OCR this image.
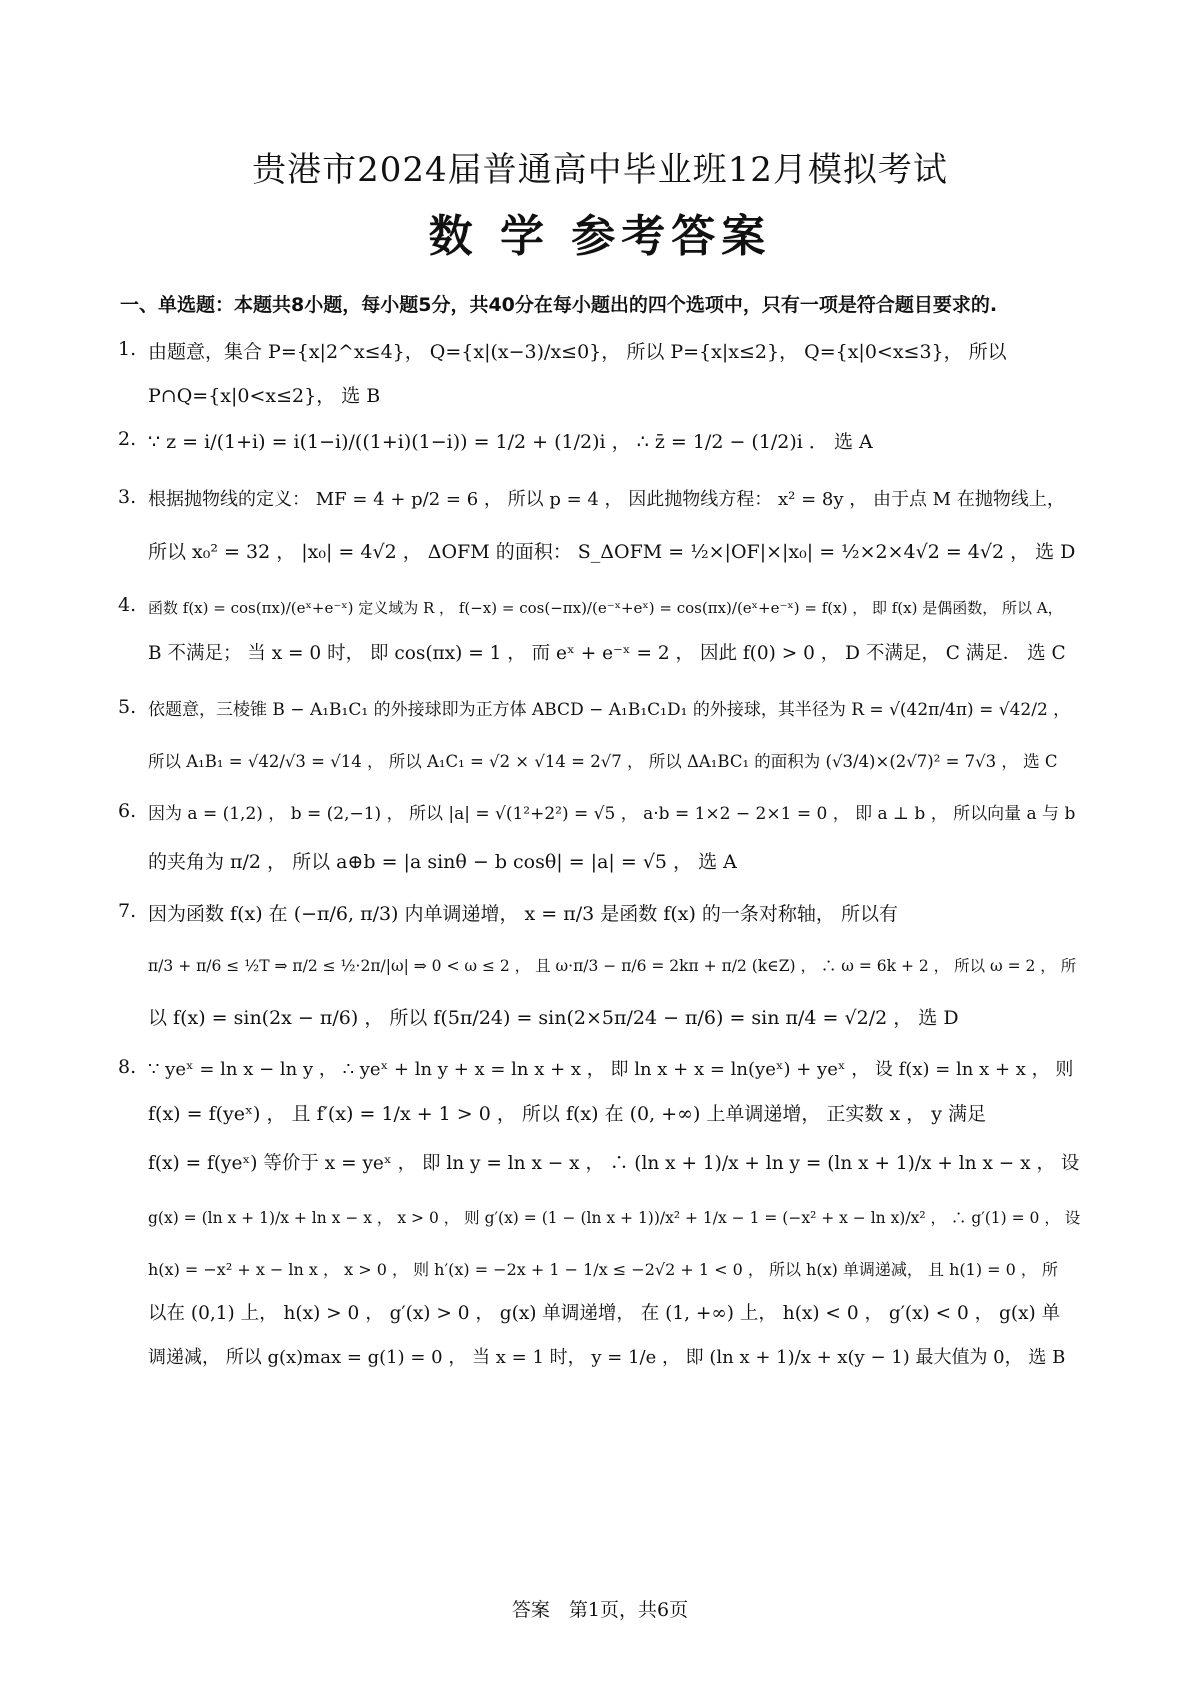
贵港市2024届普通高中毕业班12月模拟考试
数 学 参考答案
一、单选题：本题共8小题，每小题5分，共40分在每小题出的四个选项中，只有一项是符合题目要求的.
1. 由题意，集合 P={x|2^x≤4}， Q={x|(x−3)/x≤0}， 所以 P={x|x≤2}， Q={x|0<x≤3}， 所以
P∩Q={x|0<x≤2}， 选 B
2. ∵ z = i/(1+i) = i(1−i)/((1+i)(1−i)) = 1/2 + (1/2)i ， ∴ z̄ = 1/2 − (1/2)i ． 选 A
3. 根据抛物线的定义： MF = 4 + p/2 = 6 ， 所以 p = 4 ， 因此抛物线方程： x² = 8y ， 由于点 M 在抛物线上，
所以 x₀² = 32 ， |x₀| = 4√2 ， ΔOFM 的面积： S_ΔOFM = ½×|OF|×|x₀| = ½×2×4√2 = 4√2 ， 选 D
4. 函数 f(x) = cos(πx)/(eˣ+e⁻ˣ) 定义域为 R ， f(−x) = cos(−πx)/(e⁻ˣ+eˣ) = cos(πx)/(eˣ+e⁻ˣ) = f(x) ， 即 f(x) 是偶函数， 所以 A，
B 不满足； 当 x = 0 时， 即 cos(πx) = 1 ， 而 eˣ + e⁻ˣ = 2 ， 因此 f(0) > 0 ， D 不满足， C 满足． 选 C
5. 依题意，三棱锥 B − A₁B₁C₁ 的外接球即为正方体 ABCD − A₁B₁C₁D₁ 的外接球，其半径为 R = √(42π/4π) = √42/2 ，
所以 A₁B₁ = √42/√3 = √14 ， 所以 A₁C₁ = √2 × √14 = 2√7 ， 所以 ΔA₁BC₁ 的面积为 (√3/4)×(2√7)² = 7√3 ， 选 C
6. 因为 a = (1,2) ， b = (2,−1) ， 所以 |a| = √(1²+2²) = √5 ， a·b = 1×2 − 2×1 = 0 ， 即 a ⊥ b ， 所以向量 a 与 b
的夹角为 π/2 ， 所以 a⊕b = |a sinθ − b cosθ| = |a| = √5 ， 选 A
7. 因为函数 f(x) 在 (−π/6, π/3) 内单调递增， x = π/3 是函数 f(x) 的一条对称轴， 所以有
π/3 + π/6 ≤ ½T ⇒ π/2 ≤ ½·2π/|ω| ⇒ 0 < ω ≤ 2 ， 且 ω·π/3 − π/6 = 2kπ + π/2 (k∈Z) ， ∴ ω = 6k + 2 ， 所以 ω = 2 ， 所
以 f(x) = sin(2x − π/6) ， 所以 f(5π/24) = sin(2×5π/24 − π/6) = sin π/4 = √2/2 ， 选 D
8. ∵ yeˣ = ln x − ln y ， ∴ yeˣ + ln y + x = ln x + x ， 即 ln x + x = ln(yeˣ) + yeˣ ， 设 f(x) = ln x + x ， 则
f(x) = f(yeˣ) ， 且 f′(x) = 1/x + 1 > 0 ， 所以 f(x) 在 (0, +∞) 上单调递增， 正实数 x ， y 满足
f(x) = f(yeˣ) 等价于 x = yeˣ ， 即 ln y = ln x − x ， ∴ (ln x + 1)/x + ln y = (ln x + 1)/x + ln x − x ， 设
g(x) = (ln x + 1)/x + ln x − x ， x > 0 ， 则 g′(x) = (1 − (ln x + 1))/x² + 1/x − 1 = (−x² + x − ln x)/x² ， ∴ g′(1) = 0 ， 设
h(x) = −x² + x − ln x ， x > 0 ， 则 h′(x) = −2x + 1 − 1/x ≤ −2√2 + 1 < 0 ， 所以 h(x) 单调递减， 且 h(1) = 0 ， 所
以在 (0,1) 上， h(x) > 0 ， g′(x) > 0 ， g(x) 单调递增， 在 (1, +∞) 上， h(x) < 0 ， g′(x) < 0 ， g(x) 单
调递减， 所以 g(x)max = g(1) = 0 ， 当 x = 1 时， y = 1/e ， 即 (ln x + 1)/x + x(y − 1) 最大值为 0， 选 B
答案　第1页，共6页
